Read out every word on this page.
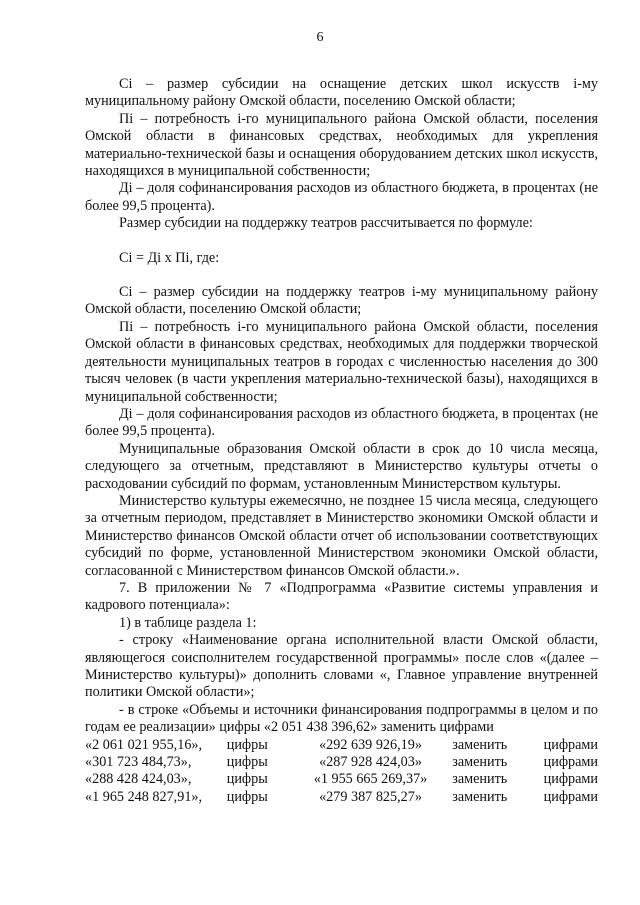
6

Ci – размер субсидии на оснащение детских школ искусств i-му муниципальному району Омской области, поселению Омской области;

Пi – потребность i-го муниципального района Омской области, поселения Омской области в финансовых средствах, необходимых для укрепления материально-технической базы и оснащения оборудованием детских школ искусств, находящихся в муниципальной собственности;

Дi – доля софинансирования расходов из областного бюджета, в процентах (не более 99,5 процента).

Размер субсидии на поддержку театров рассчитывается по формуле:

Ci = Дi х Пi, где:

Ci – размер субсидии на поддержку театров i-му муниципальному району Омской области, поселению Омской области;

Пi – потребность i-го муниципального района Омской области, поселения Омской области в финансовых средствах, необходимых для поддержки творческой деятельности муниципальных театров в городах с численностью населения до 300 тысяч человек (в части укрепления материально-технической базы), находящихся в муниципальной собственности;

Дi – доля софинансирования расходов из областного бюджета, в процентах (не более 99,5 процента).

Муниципальные образования Омской области в срок до 10 числа месяца, следующего за отчетным, представляют в Министерство культуры отчеты о расходовании субсидий по формам, установленным Министерством культуры.

Министерство культуры ежемесячно, не позднее 15 числа месяца, следующего за отчетным периодом, представляет в Министерство экономики Омской области и Министерство финансов Омской области отчет об использовании соответствующих субсидий по форме, установленной Министерством экономики Омской области, согласованной с Министерством финансов Омской области.».

7. В приложении № 7 «Подпрограмма «Развитие системы управления и кадрового потенциала»:

1) в таблице раздела 1:

- строку «Наименование органа исполнительной власти Омской области, являющегося соисполнителем государственной программы» после слов «(далее – Министерство культуры)» дополнить словами «, Главное управление внутренней политики Омской области»;

- в строке «Объемы и источники финансирования подпрограммы в целом и по годам ее реализации» цифры «2 051 438 396,62» заменить цифрами

«2 061 021 955,16»,	цифры	«292 639 926,19»	заменить	цифрами
«301 723 484,73»,	цифры	«287 928 424,03»	заменить	цифрами
«288 428 424,03»,	цифры	«1 955 665 269,37»	заменить	цифрами
«1 965 248 827,91»,	цифры	«279 387 825,27»	заменить	цифрами
